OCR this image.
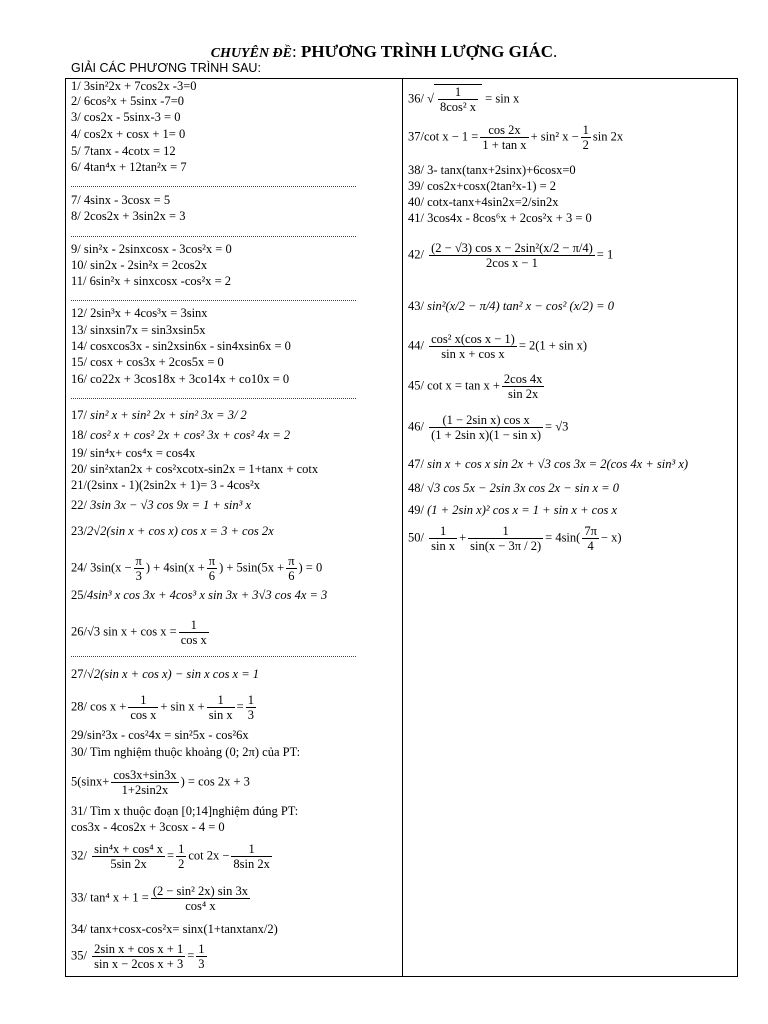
CHUYÊN ĐỀ: PHƯƠNG TRÌNH LƯỢNG GIÁC.
GIẢI CÁC PHƯƠNG TRÌNH SAU:
1/ 3sin²2x + 7cos2x -3=0
2/ 6cos²x + 5sinx -7=0
3/ cos2x - 5sinx-3 = 0
4/ cos2x + cosx + 1= 0
5/ 7tanx - 4cotx = 12
6/ 4tan⁴x + 12tan²x = 7
7/ 4sinx - 3cosx = 5
8/ 2cos2x + 3sin2x = 3
9/ sin²x - 2sinxcosx - 3cos²x = 0
10/ sin2x - 2sin²x = 2cos2x
11/ 6sin²x + sinxcosx -cos²x = 2
12/ 2sin³x + 4cos³x = 3sinx
13/ sinxsin7x = sin3xsin5x
14/ cosxcos3x - sin2xsin6x - sin4xsin6x = 0
15/ cosx + cos3x + 2cos5x = 0
16/ co22x + 3cos18x + 3co14x + co10x = 0
17/ sin² x + sin² 2x + sin² 3x = 3/ 2
18/ cos² x + cos² 2x + cos² 3x + cos² 4x = 2
19/ sin⁴x+ cos⁴x = cos4x
20/ sin²xtan2x + cos²xcotx-sin2x = 1+tanx + cotx
21/(2sinx - 1)(2sin2x + 1)= 3 - 4cos²x
22/ 3sin 3x − √3 cos 9x = 1 + sin³ x
23/2√2(sin x + cos x) cos x = 3 + cos 2x
24/ $3\sin(x - \frac{\pi}{3}$ ) + $4\sin(x + \frac{\pi}{6}$ ) + $5\sin(5x + \frac{\pi}{6}$ ) = 0
25/4sin³ x cos 3x + 4cos³ x sin 3x + 3√3 cos 4x = 3
26/√3 $\sin x + \cos x = \frac{1}{\text{cos x}}$
27/√2(sin x + cos x) − sin x cos x = 1
28/ $\cos x + \frac{1}{\text{cos x}} + \sin x + \frac{1}{\text{sin x}} = \frac{1}{3}$
29/sin²3x - cos²4x = sin²5x - cos²6x
30/ Tìm nghiệm thuộc khoảng (0; 2π) của PT:
$5(\sin x+ \frac{\cos 3x+\sin 3x}{1+2\sin 2x}$ ) = cos 2x + 3
31/ Tìm x thuộc đoạn [0;14]nghiệm đúng PT:
cos3x - 4cos2x + 3cosx - 4 = 0
$32/ \frac{\text{sin⁴x + cos⁴ x}}{5\sin 2x} = \frac{1}{2}$ $\cot 2x - \frac{1}{8\sin 2x}$
33/ tan⁴ $x + 1 = \frac{\text{(2 − sin² 2x) sin 3x}}{\text{cos⁴ x}}$
34/ tanx+cosx-cos²x= sinx(1+tanxtanx/2)
$35/ \frac{\text{2sin x + cos x + 1}}{\text{sin x − 2cos x + 3}} = \frac{1}{3}$
36/ √ $\frac{1}{\text{8cos² x}} = \sin x$
37/cot $x - 1 = \frac{\cos 2x}{\text{1 + tan x}} + \sin^2$ $x - \frac{1}{2}$ sin 2x
38/ 3- tanx(tanx+2sinx)+6cosx=0
39/ cos2x+cosx(2tan²x-1) = 2
40/ cotx-tanx+4sin2x=2/sin2x
41/ 3cos4x - 8cos⁶x + 2cos²x + 3 = 0
$42/ \frac{\text{(2 − √3) cos x − 2sin²(x/2 − π/4)}}{\text{2cos x − 1}} = 1$
43/ sin²(x/2 − π/4) tan² x − cos² (x/2) = 0
$44/ \frac{\text{cos² x(cos x − 1)}}{\text{sin x + cos x}} = 2(1 + \sin x)$
45/ $\cot x = \tan x + \frac{2\cos 4x}{\sin 2x}$
$46/ \frac{\text{(1 − 2sin x) cos x}}{\text{(1 + 2sin x)(1 − sin x)}} = √3$
47/ sin x + cos x sin 2x + √3 cos 3x = 2(cos 4x + sin³ x)
48/ √3 cos 5x − 2sin 3x cos 2x − sin x = 0
49/ (1 + 2sin x)² cos x = 1 + sin x + cos x
$50/ \frac{1}{\text{sin x}} + \frac{1}{\sin(x - 3\pi / 2)} = 4\sin( \frac{7\pi}{4} - x)$
